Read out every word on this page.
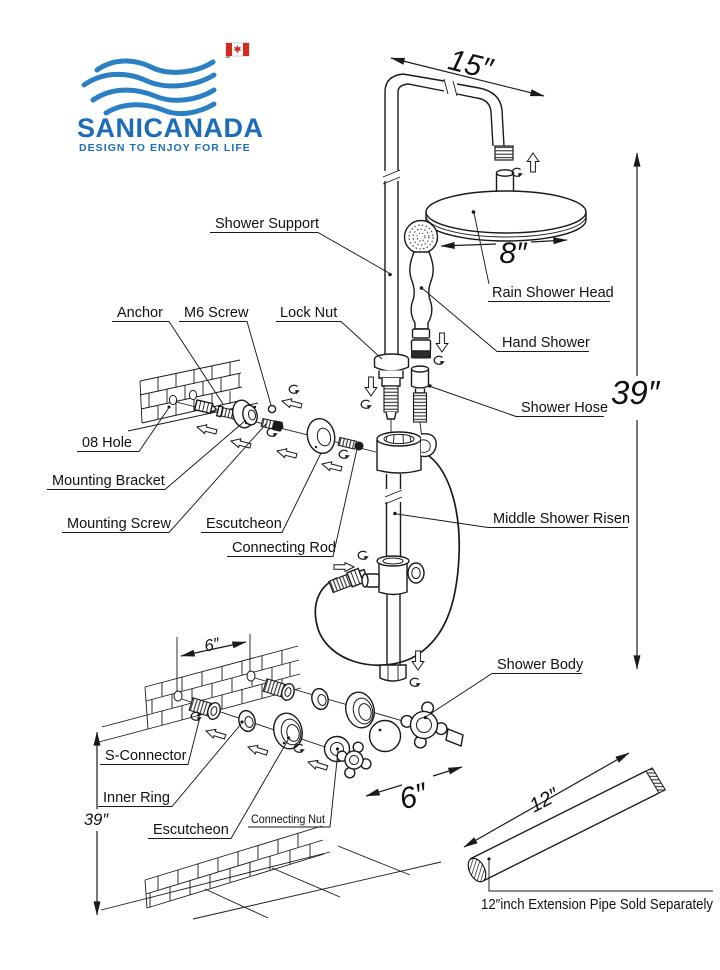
SANICANADA
DESIGN TO ENJOY FOR LIFE
15″
8″
39″
6″
6″
39″
12″
12″inch Extension Pipe Sold Separately
Anchor M6 Screw Lock Nut
08 Hole
Mounting Bracket
Mounting Screw Escutcheon
Connecting Rod
Shower Support
Rain Shower Head
Hand Shower
Shower Hose
Middle Shower Risen
Shower Body
S-Connector
Inner Ring
Escutcheon
Connecting Nut
